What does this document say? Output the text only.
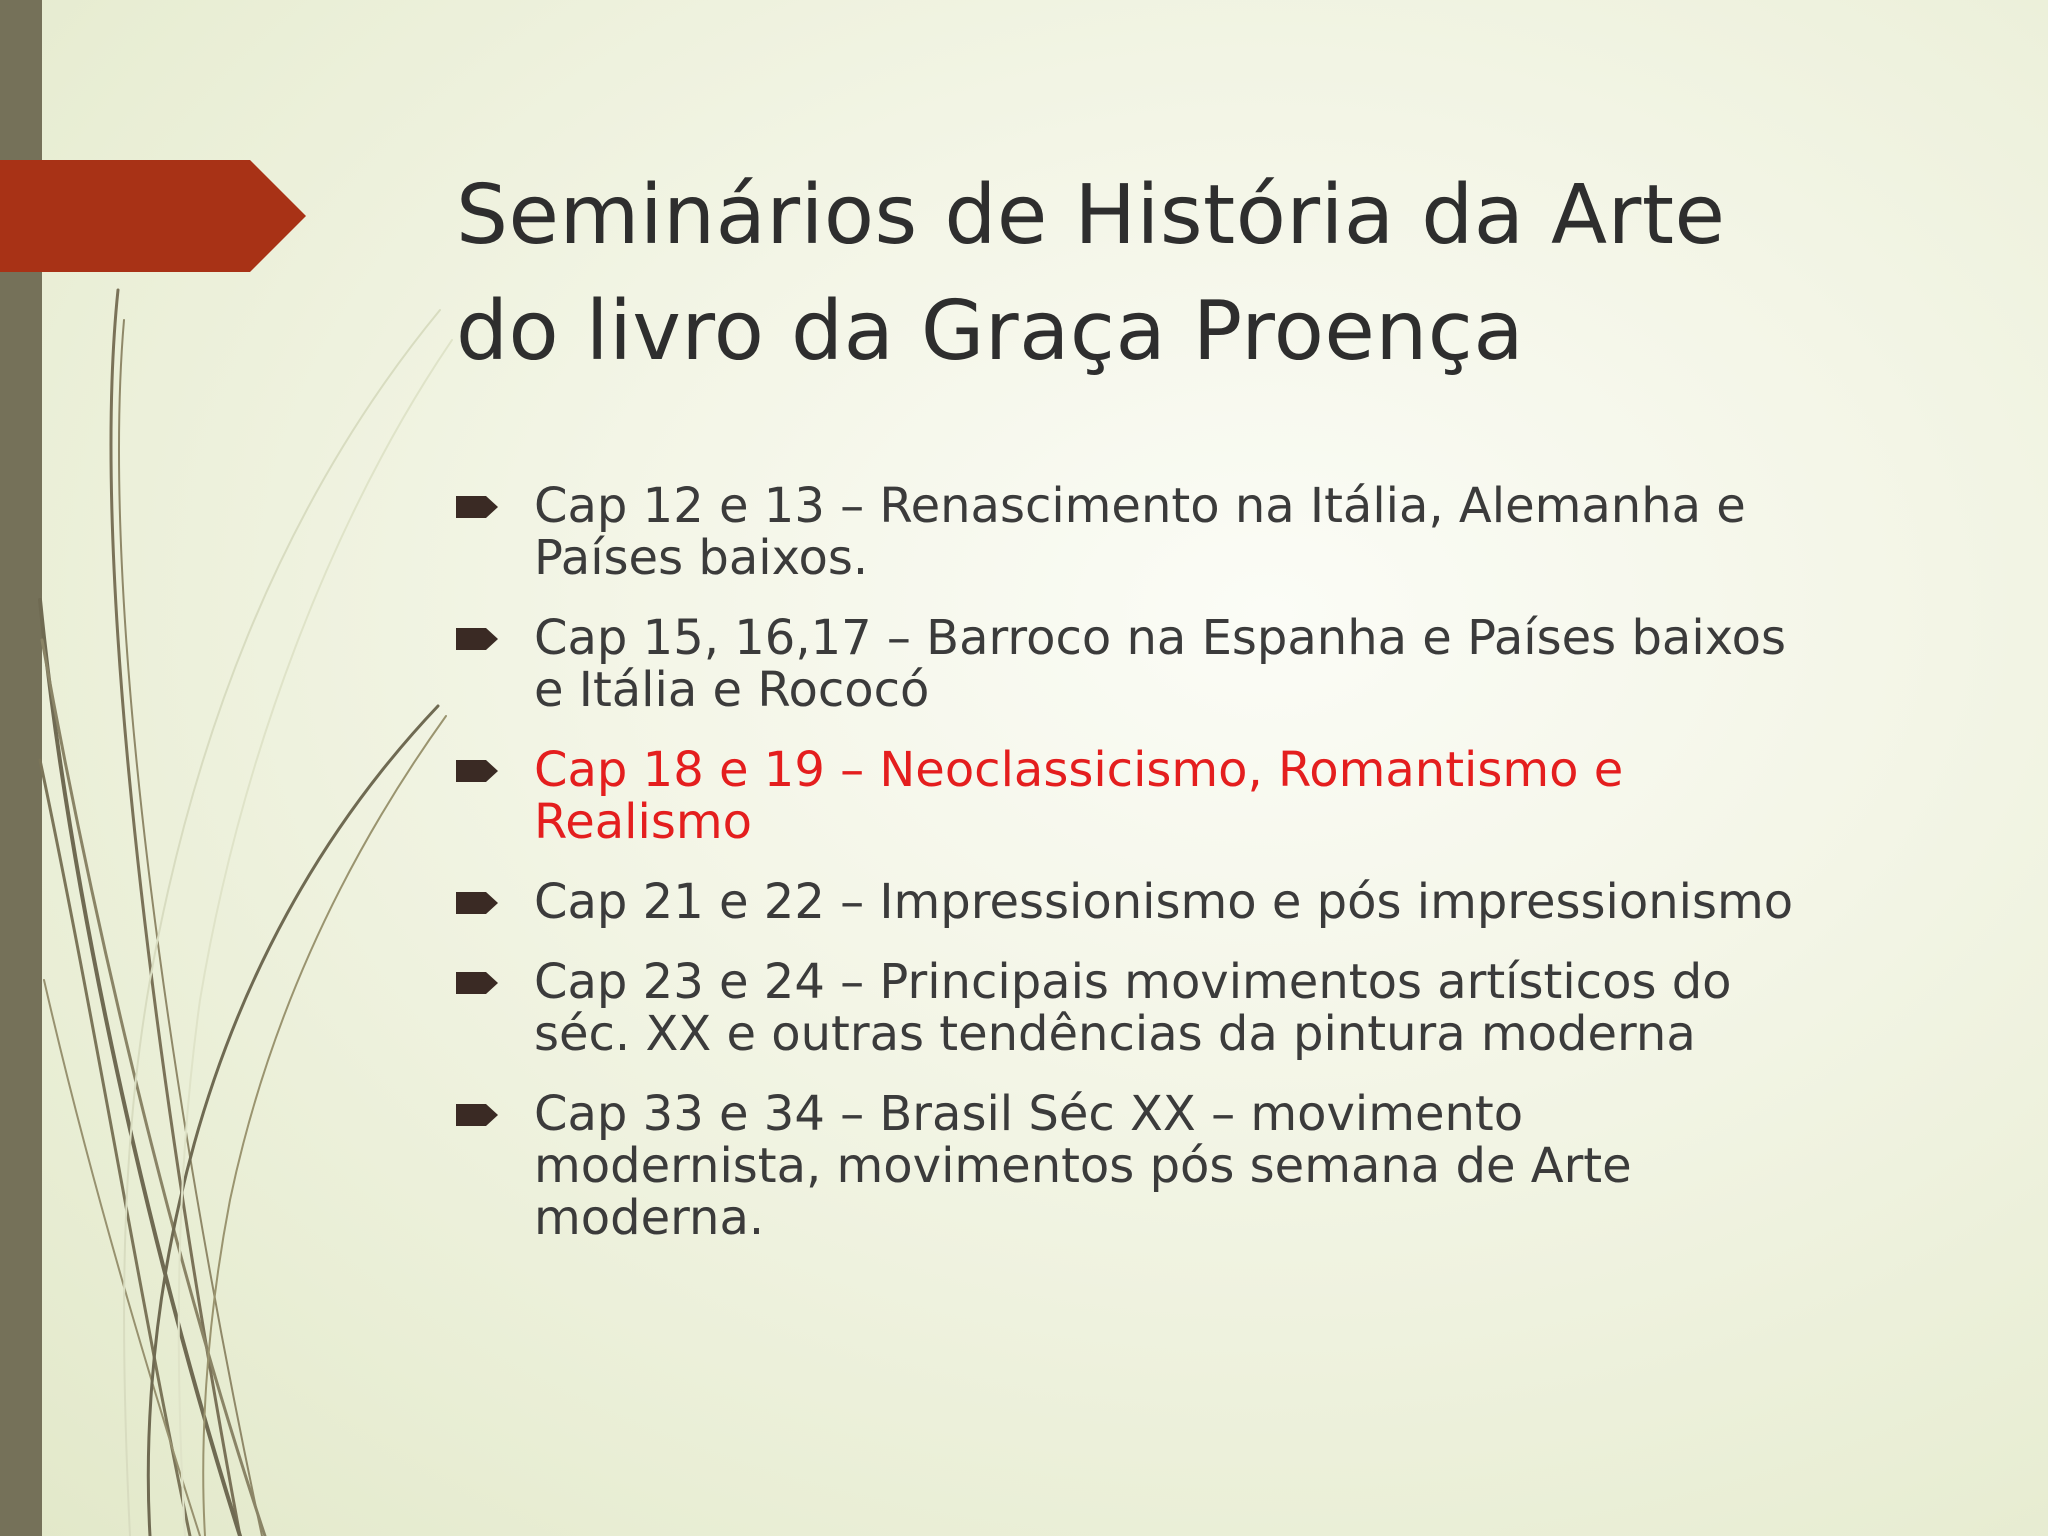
Seminários de História da Arte
do livro da Graça Proença
Cap 12 e 13 – Renascimento na Itália, Alemanha e
Países baixos.
Cap 15, 16,17 – Barroco na Espanha e Países baixos
e Itália e Rococó
Cap 18 e 19 – Neoclassicismo, Romantismo e
Realismo
Cap 21 e 22 – Impressionismo e pós impressionismo
Cap 23 e 24 – Principais movimentos artísticos do
séc. XX e outras tendências da pintura moderna
Cap 33 e 34 – Brasil Séc XX – movimento
modernista, movimentos pós semana de Arte
moderna.
